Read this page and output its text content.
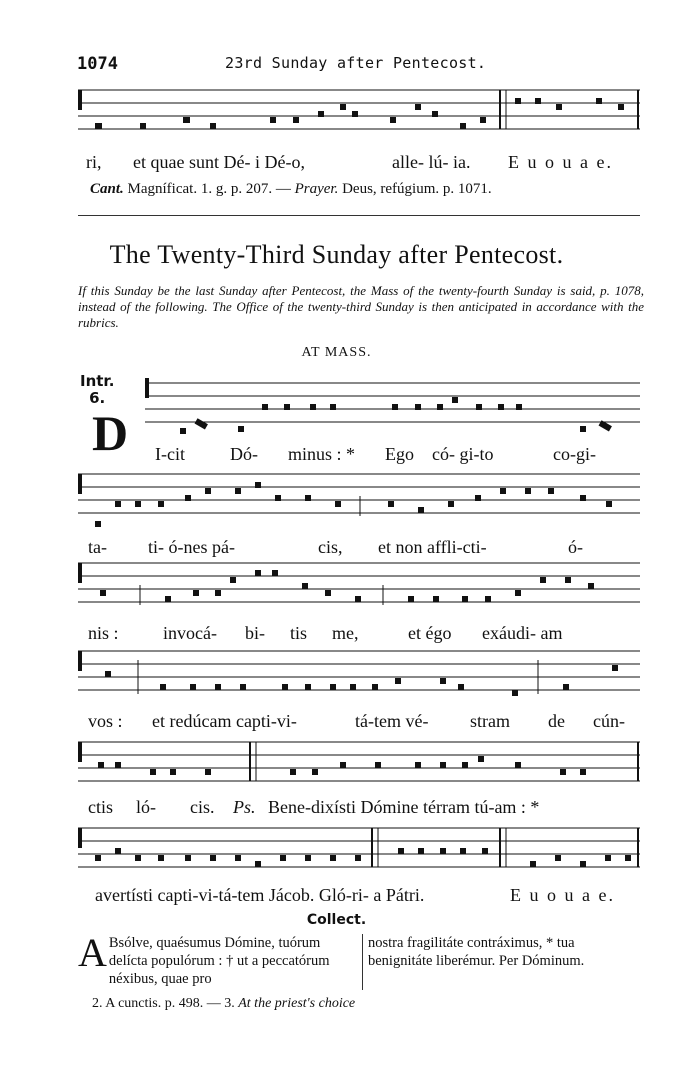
1074	23rd Sunday after Pentecost.
ri, et quae sunt Dé- i Dé-o,	alle- lú- ia. E u o u a e.
Cant. Magníficat. 1. g. p. 207. — Prayer. Deus, refúgium. p. 1071.
The Twenty-Third Sunday after Pentecost.
If this Sunday be the last Sunday after Pentecost, the Mass of the twenty-fourth Sunday is said, p. 1078, instead of the following. The Office of the twenty-third Sunday is then anticipated in accordance with the rubrics.
AT MASS.
Intr.
6.
D I-cit	Dó- minus : * Ego có- gi-to	co-gi-
ta- ti- ó-nes pá-	cis, et non affli-cti-	ó-
nis : invocá- bi- tis me,	et égo exáudi- am
vos : et redúcam capti-vi-	tá-tem vé- stram de cún-
ctis ló- cis. Ps. Bene-dixísti Dómine térram tú-am : *
avertísti capti-vi-tá-tem Jácob. Gló-ri- a Pátri.	E u o u a e.
Collect.
A Bsólve, quaésumus Dómine, tuórum delícta populórum : † ut a peccatórum néxibus, quae pro
nostra fragilitáte contráximus, * tua benignitáte liberémur. Per Dóminum.
2. A cunctis. p. 498. — 3. At the priest's choice
